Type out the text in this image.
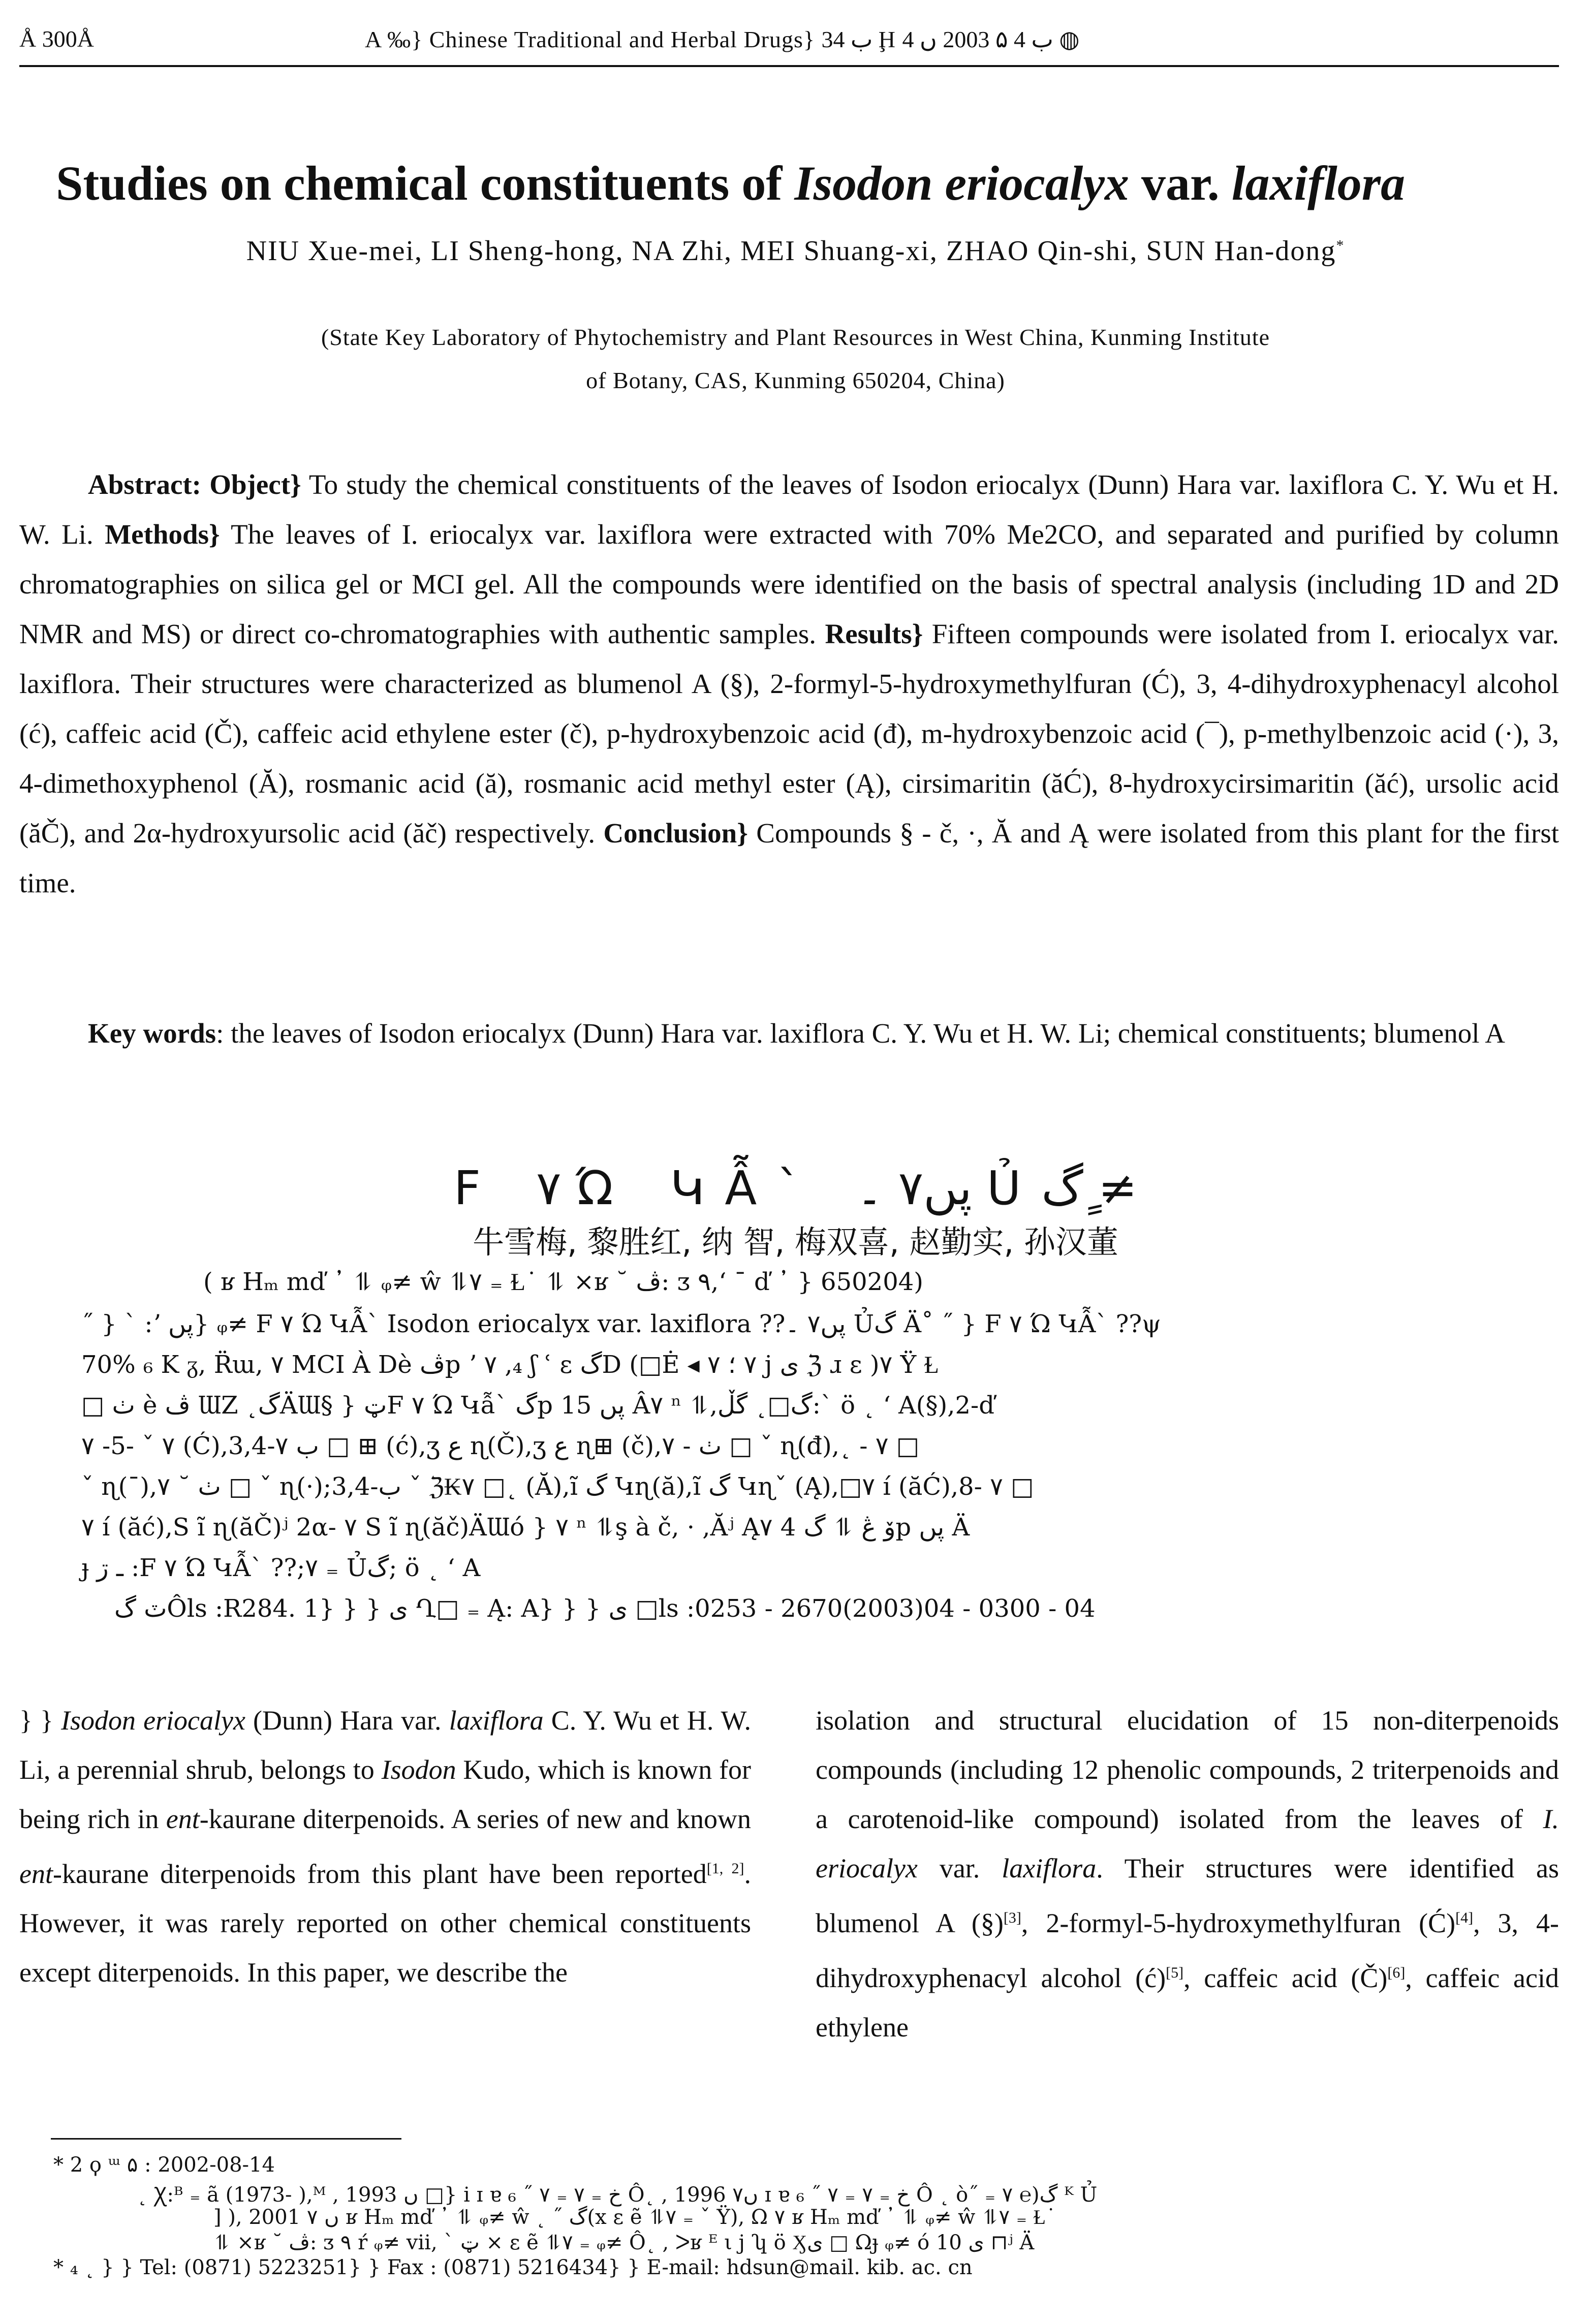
Å 300Å	A ‰} Chinese Traditional and Herbal Drugs} ب 34 Ḩ ب 4 ۵ 2003 ں 4 ◍
Studies on chemical constituents of Isodon eriocalyx var. laxiflora
NIU Xue-mei, LI Sheng-hong, NA Zhi, MEI Shuang-xi, ZHAO Qin-shi, SUN Han-dong*
(State Key Laboratory of Phytochemistry and Plant Resources in West China, Kunming Institute
of Botany, CAS, Kunming 650204, China)
Abstract: Object} To study the chemical constituents of the leaves of Isodon eriocalyx (Dunn) Hara var. laxiflora C. Y. Wu et H. W. Li. Methods} The leaves of I. eriocalyx var. laxiflora were extracted with 70% Me2CO, and separated and purified by column chromatographies on silica gel or MCI gel. All the compounds were identified on the basis of spectral analysis (including 1D and 2D NMR and MS) or direct co-chromatographies with authentic samples. Results} Fifteen compounds were isolated from I. eriocalyx var. laxiflora. Their structures were characterized as blumenol A (§), 2-formyl-5-hydroxymethylfuran (Ć), 3, 4-dihydroxyphenacyl alcohol (ć), caffeic acid (Č), caffeic acid ethylene ester (č), p-hydroxybenzoic acid (đ), m-hydroxybenzoic acid (¯), p-methylbenzoic acid (·), 3, 4-dimethoxyphenol (Ă), rosmanic acid (ă), rosmanic acid methyl ester (Ą), cirsimaritin (ăĆ), 8-hydroxycirsimaritin (ăć), ursolic acid (ăČ), and 2α-hydroxyursolic acid (ăč) respectively. Conclusion} Compounds § - č, ·, Ă and Ą were isolated from this plant for the first time.
Key words: the leaves of Isodon eriocalyx (Dunn) Hara var. laxiflora C. Y. Wu et H. W. Li; chemical constituents; blumenol A
F ٧ Ώ ԿẪ` پں٧ ۔ Ủگ ٍ≠
牛雪梅, 黎胜红, 纳 智, 梅双喜, 赵勤实, 孙汉董
( ʁ Hₘ mď ᾿ ⥮ ᵩ≠ ŵ ⥮٧ ₌ Ɫ˙ ⥮ ×ʁ ˘ ڤ: ᴣ ۹,ʻ ¯ ď ᾿ } 650204)
˝ } ˋ :ʼ پں} ᵩ≠ F ٧ Ώ ԿẪ` Isodon eriocalyx var. laxiflora ??پں٧ ۔ Ủگ Ä˚ ˝ } F ٧ Ώ ԿẪ` ??ψ
70% ₆ K ᵹ, R̈ɯ, ٧ MCI À Dè ڤp ʼ ٧ ,₄ ʃ ʿ ɛ گD (□Ė ◂ ٧ ؛ ٧ ϳ ی ℨ ɹ ɛ )٧ Ÿ Ɫ
□ ٺ è ڤ ƜZ ˛گÄƜ§ } ټF ٧ Ώ Կẫ` گp پں 15 Â٧ ⁿ ⥮,گ□˛ گڵ:` ö ˛ ʻ A(§),2-ď
٧ -5- ˇ ٧ (Ć),3,4-ب ٧ □ ⊞ (ć),ʒ ع ɳ(Č),ʒ ع ɳ⊞ (č),ٺ - ٧ □ ˇ ɳ(đ),˛ - ٧ □
ˇ ɳ(¯),ٺ ˘ ٧ □ ˇ ɳ(·);3,4-ب ˇ ℨ₭٧ □˛ (Ă),ĩ گ Կɳ(ă),ĩ گ Կɳˇ (Ą),□٧ í (ăĆ),8- ٧ □
٧ í (ăć),S ĩ ɳ(ăČ)ʲ 2α- ٧ S ĩ ɳ(ăč)ÄƜó } ٧ ⁿ ⥮ş à č, · ,Ăʲ Ą٧ 4 ۆ ڠ ⥮ گp پں Ä
ɟ ـ ڗ :F ٧ Ώ ԿẪ` ??;٧ ₌ Ủگ; ö ˛ ʻ A
ٽ گÔls :R284. 1} } } ی Ղ□ ₌ Ą: A} } } ی □ls :0253 - 2670(2003)04 - 0300 - 04
} } Isodon eriocalyx (Dunn) Hara var. laxiflora C. Y. Wu et H. W. Li, a perennial shrub, belongs to Isodon Kudo, which is known for being rich in ent-kaurane diterpenoids. A series of new and known ent-kaurane diterpenoids from this plant have been reported[1, 2]. However, it was rarely reported on other chemical constituents except diterpenoids. In this paper, we describe the
isolation and structural elucidation of 15 non-diterpenoids compounds (including 12 phenolic compounds, 2 triterpenoids and a carotenoid-like compound) isolated from the leaves of I. eriocalyx var. laxiflora. Their structures were identified as blumenol A (§)[3], 2-formyl-5-hydroxymethylfuran (Ć)[4], 3, 4-dihydroxyphenacyl alcohol (ć)[5], caffeic acid (Č)[6], caffeic acid ethylene
* 2 ϙ ᵚ ۵ : 2002-08-14
˛ Ꭓ:ᴮ ₌ ã (1973- ),ᴹ , 1993 ں □} i ɪ ɐ ₆ ˝ خ ₌ ٧ ₌ ٧ Ô˛ , 1996 ں٧ ɪ ɐ ₆ ˝ خ ₌ ٧ ₌ ٧ Ô ˛ ò˝ ₌ گ(℮ ٧ ᴷ Ủ
] ), 2001 ں ٧ ʁ Hₘ mď ᾿ ⥮ ᵩ≠ ŵ ˛ ˝ گ(x ɛ ẽ ⥮٧ ₌ ˇ Ÿ), Ω ٧ ʁ Hₘ mď ᾿ ⥮ ᵩ≠ ŵ ⥮٧ ₌ Ɫ˙
⥮ ×ʁ ˘ ڤ: ᴣ ۹ ŕ ᵩ≠ vii, ˋ ټ × ɛ ẽ ⥮٧ ₌ ᵩ≠ Ô˛ , ᐳʁ ᴱ ι ϳ ʮ ö Ӽی □ Ωɟ ᵩ≠ ó ی 10 ⊓ʲ Ä
* ₄ ˛ } } Tel: (0871) 5223251} } Fax : (0871) 5216434} } E-mail: hdsun@mail. kib. ac. cn
